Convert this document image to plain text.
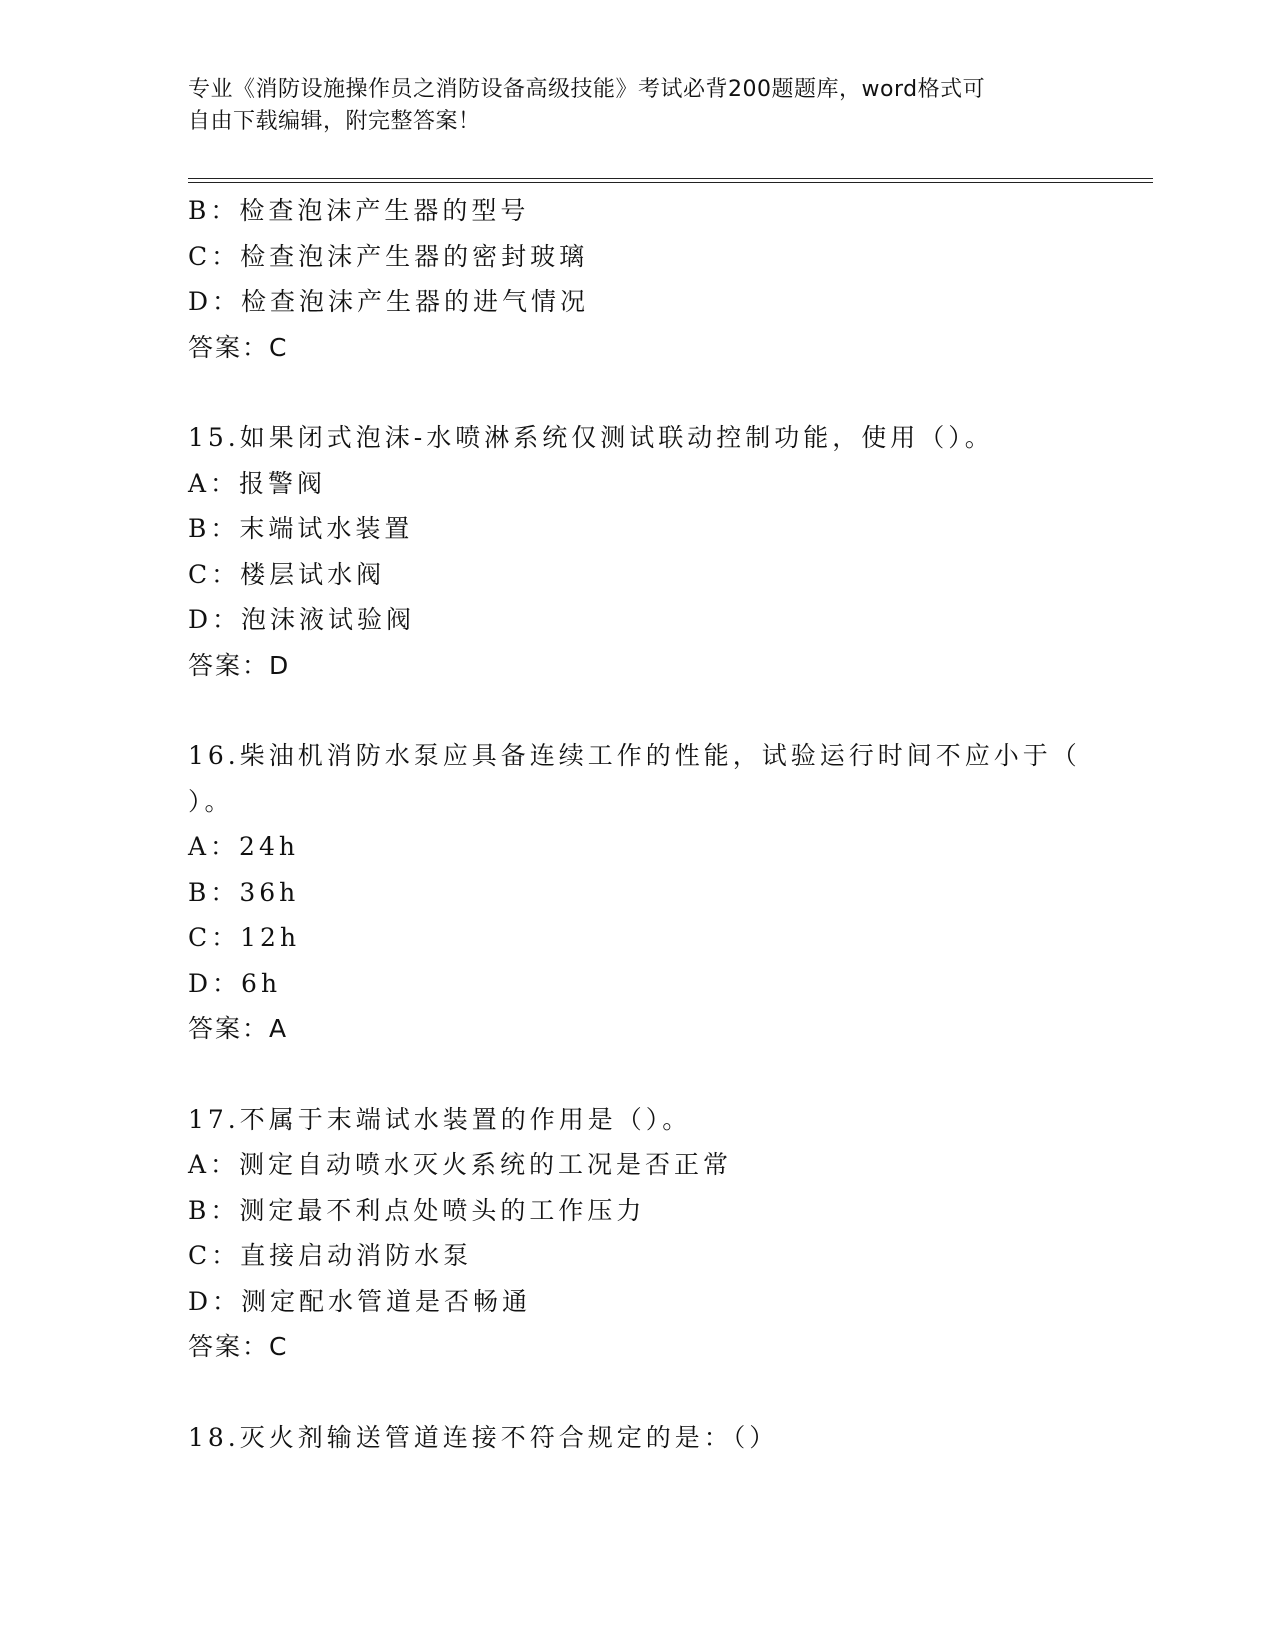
专业《消防设施操作员之消防设备高级技能》考试必背200题题库，word格式可
自由下载编辑，附完整答案！
B：检查泡沫产生器的型号
C：检查泡沫产生器的密封玻璃
D：检查泡沫产生器的进气情况
答案：C
15.如果闭式泡沫-水喷淋系统仅测试联动控制功能，使用（）。
A：报警阀
B：末端试水装置
C：楼层试水阀
D：泡沫液试验阀
答案：D
16.柴油机消防水泵应具备连续工作的性能，试验运行时间不应小于（
）。
A：24h
B：36h
C：12h
D：6h
答案：A
17.不属于末端试水装置的作用是（）。
A：测定自动喷水灭火系统的工况是否正常
B：测定最不利点处喷头的工作压力
C：直接启动消防水泵
D：测定配水管道是否畅通
答案：C
18.灭火剂输送管道连接不符合规定的是：（）
